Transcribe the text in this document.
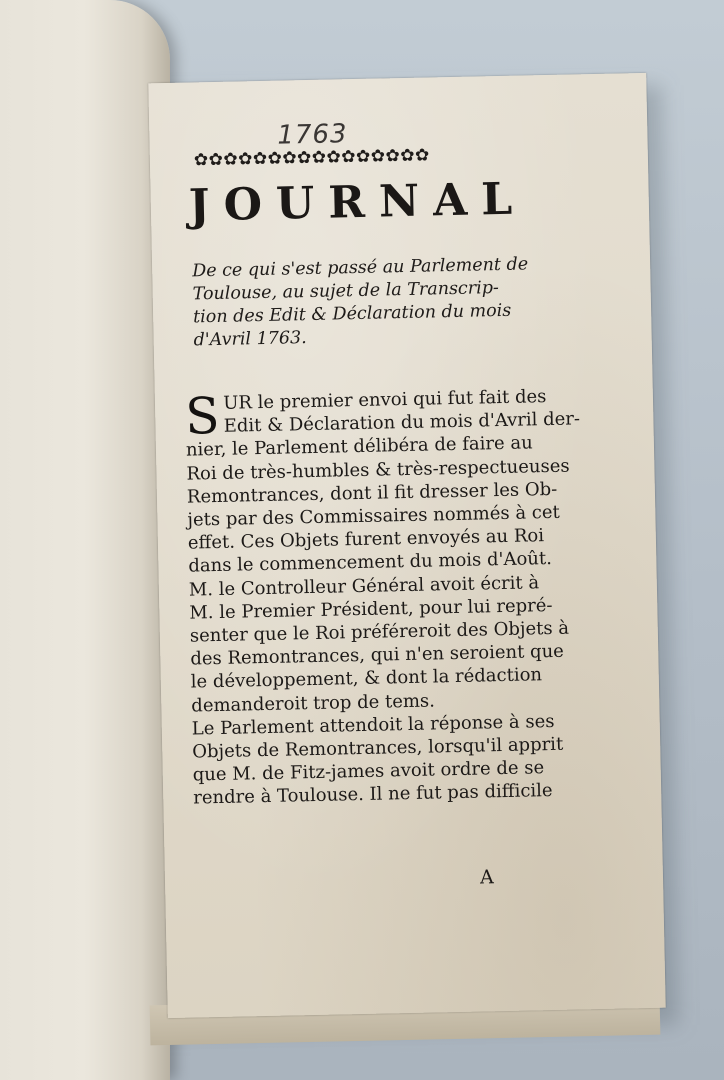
1763
✿✿✿✿✿✿✿✿✿✿✿✿✿✿✿✿
JOURNAL
De ce qui s'est passé au Parlement de
Toulouse, au sujet de la Transcrip-
tion des Edit & Déclaration du mois
d'Avril 1763.
S UR le premier envoi qui fut fait des
Edit & Déclaration du mois d'Avril der-
nier, le Parlement délibéra de faire au
Roi de très-humbles & très-respectueuses
Remontrances, dont il fit dresser les Ob-
jets par des Commissaires nommés à cet
effet. Ces Objets furent envoyés au Roi
dans le commencement du mois d'Août.
M. le Controlleur Général avoit écrit à
M. le Premier Président, pour lui repré-
senter que le Roi préféreroit des Objets à
des Remontrances, qui n'en seroient que
le développement, & dont la rédaction
demanderoit trop de tems.
Le Parlement attendoit la réponse à ses
Objets de Remontrances, lorsqu'il apprit
que M. de Fitz-james avoit ordre de se
rendre à Toulouse. Il ne fut pas difficile
A
